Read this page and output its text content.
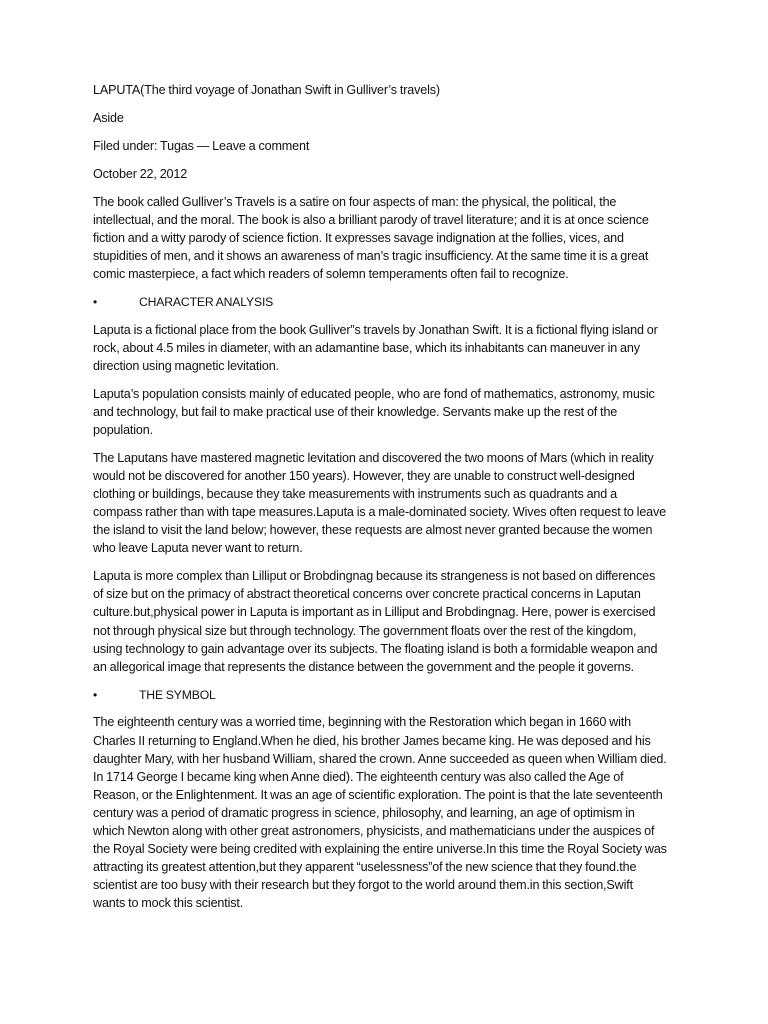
LAPUTA(The third voyage of Jonathan Swift in Gulliver’s travels)

Aside

Filed under: Tugas — Leave a comment

October 22, 2012

The book called Gulliver’s Travels is a satire on four aspects of man: the physical, the political, the intellectual, and the moral. The book is also a brilliant parody of travel literature; and it is at once science fiction and a witty parody of science fiction. It expresses savage indignation at the follies, vices, and stupidities of men, and it shows an awareness of man’s tragic insufficiency. At the same time it is a great comic masterpiece, a fact which readers of solemn temperaments often fail to recognize.

•	CHARACTER ANALYSIS

Laputa is a fictional place from the book Gulliver”s travels by Jonathan Swift. It is a fictional flying island or rock, about 4.5 miles in diameter, with an adamantine base, which its inhabitants can maneuver in any direction using magnetic levitation.

Laputa’s population consists mainly of educated people, who are fond of mathematics, astronomy, music and technology, but fail to make practical use of their knowledge. Servants make up the rest of the population.

The Laputans have mastered magnetic levitation and discovered the two moons of Mars (which in reality would not be discovered for another 150 years). However, they are unable to construct well-designed clothing or buildings, because they take measurements with instruments such as quadrants and a compass rather than with tape measures.Laputa is a male-dominated society. Wives often request to leave the island to visit the land below; however, these requests are almost never granted because the women who leave Laputa never want to return.

Laputa is more complex than Lilliput or Brobdingnag because its strangeness is not based on differences of size but on the primacy of abstract theoretical concerns over concrete practical concerns in Laputan culture.but,physical power in Laputa is important as in Lilliput and Brobdingnag. Here, power is exercised not through physical size but through technology. The government floats over the rest of the kingdom, using technology to gain advantage over its subjects. The floating island is both a formidable weapon and an allegorical image that represents the distance between the government and the people it governs.

•	THE SYMBOL

The eighteenth century was a worried time, beginning with the Restoration which began in 1660 with Charles II returning to England.When he died, his brother James became king. He was deposed and his daughter Mary, with her husband William, shared the crown. Anne succeeded as queen when William died. In 1714 George I became king when Anne died). The eighteenth century was also called the Age of Reason, or the Enlightenment. It was an age of scientific exploration. The point is that the late seventeenth century was a period of dramatic progress in science, philosophy, and learning, an age of optimism in which Newton along with other great astronomers, physicists, and mathematicians under the auspices of the Royal Society were being credited with explaining the entire universe.In this time the Royal Society was attracting its greatest attention,but they apparent “uselessness”of the new science that they found.the scientist are too busy with their research but they forgot to the world around them.in this section,Swift wants to mock this scientist.
